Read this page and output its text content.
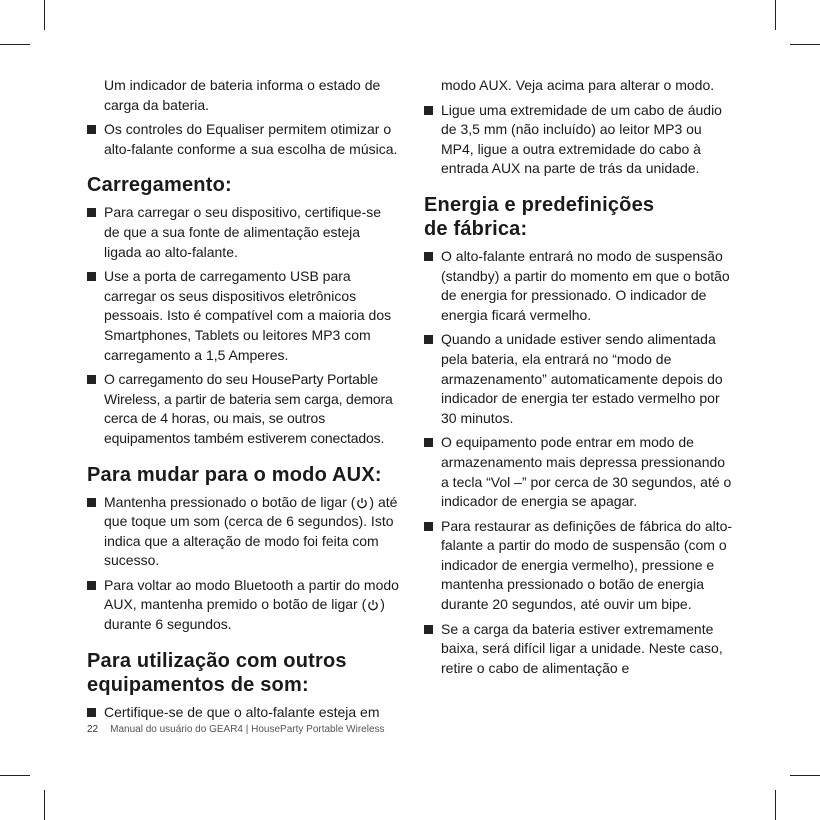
Um indicador de bateria informa o estado de carga da bateria.

Os controles do Equaliser permitem otimizar o alto-falante conforme a sua escolha de música.
Carregamento:
Para carregar o seu dispositivo, certifique-se de que a sua fonte de alimentação esteja ligada ao alto-falante.
Use a porta de carregamento USB para carregar os seus dispositivos eletrônicos pessoais. Isto é compatível com a maioria dos Smartphones, Tablets ou leitores MP3 com carregamento a 1,5 Amperes.
O carregamento do seu HouseParty Portable Wireless, a partir de bateria sem carga, demora cerca de 4 horas, ou mais, se outros equipamentos também estiverem conectados.
Para mudar para o modo AUX:
Mantenha pressionado o botão de ligar ( ) até que toque um som (cerca de 6 segundos). Isto indica que a alteração de modo foi feita com sucesso.
Para voltar ao modo Bluetooth a partir do modo AUX, mantenha premido o botão de ligar ( ) durante 6 segundos.
Para utilização com outros equipamentos de som:
Certifique-se de que o alto-falante esteja em

modo AUX. Veja acima para alterar o modo.

Ligue uma extremidade de um cabo de áudio de 3,5 mm (não incluído) ao leitor MP3 ou MP4, ligue a outra extremidade do cabo à entrada AUX na parte de trás da unidade.
Energia e predefinições
de fábrica:
O alto-falante entrará no modo de suspensão (standby) a partir do momento em que o botão de energia for pressionado. O indicador de energia ficará vermelho.
Quando a unidade estiver sendo alimentada pela bateria, ela entrará no “modo de armazenamento” automaticamente depois do indicador de energia ter estado vermelho por 30 minutos.
O equipamento pode entrar em modo de armazenamento mais depressa pressionando a tecla “Vol –” por cerca de 30 segundos, até o indicador de energia se apagar.
Para restaurar as definições de fábrica do alto-falante a partir do modo de suspensão (com o indicador de energia vermelho), pressione e mantenha pressionado o botão de energia durante 20 segundos, até ouvir um bipe.
Se a carga da bateria estiver extremamente baixa, será difícil ligar a unidade. Neste caso, retire o cabo de alimentação e
22 Manual do usuário do GEAR4 | HouseParty Portable Wireless
